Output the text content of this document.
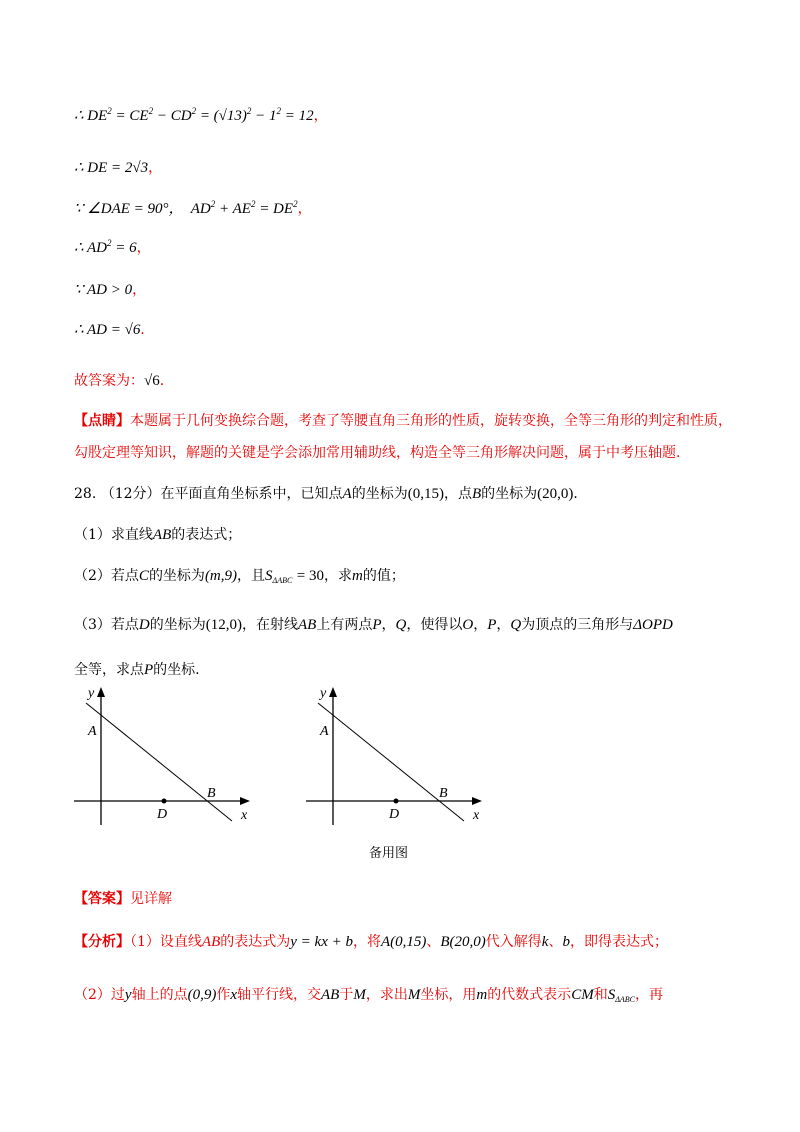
∴ $DE^2 = CE^2 - CD^2 = (√13)^2 - 1^2 = 12$，
∴ DE = 2√3，
∵ ∠DAE = 90°，  $AD^2 + AE^2 = DE^2$，
∴ $AD^2 = 6$，
∵ AD > 0，
∴ AD = √6．
故答案为：√6．
【点睛】本题属于几何变换综合题，考查了等腰直角三角形的性质，旋转变换，全等三角形的判定和性质，
勾股定理等知识，解题的关键是学会添加常用辅助线，构造全等三角形解决问题，属于中考压轴题.
28. （12分）在平面直角坐标系中，已知点A的坐标为(0,15)，点B的坐标为(20,0)．
（1）求直线AB的表达式；
（2）若点C的坐标为(m,9)，且$S_{\Delta ABC} = 30$，求m的值；
（3）若点D的坐标为(12,0)，在射线AB上有两点P，Q，使得以O，P，Q为顶点的三角形与ΔOPD
全等，求点P的坐标.
y
A
B
D	x
y
A
B
D	x
备用图
【答案】见详解
【分析】（1）设直线AB的表达式为y = kx + b，将A(0,15)、B(20,0)代入解得k、b，即得表达式；
（2）过y轴上的点(0,9)作x轴平行线，交AB于M，求出M坐标，用m的代数式表示CM和$S_{\Delta ABC}$，再
